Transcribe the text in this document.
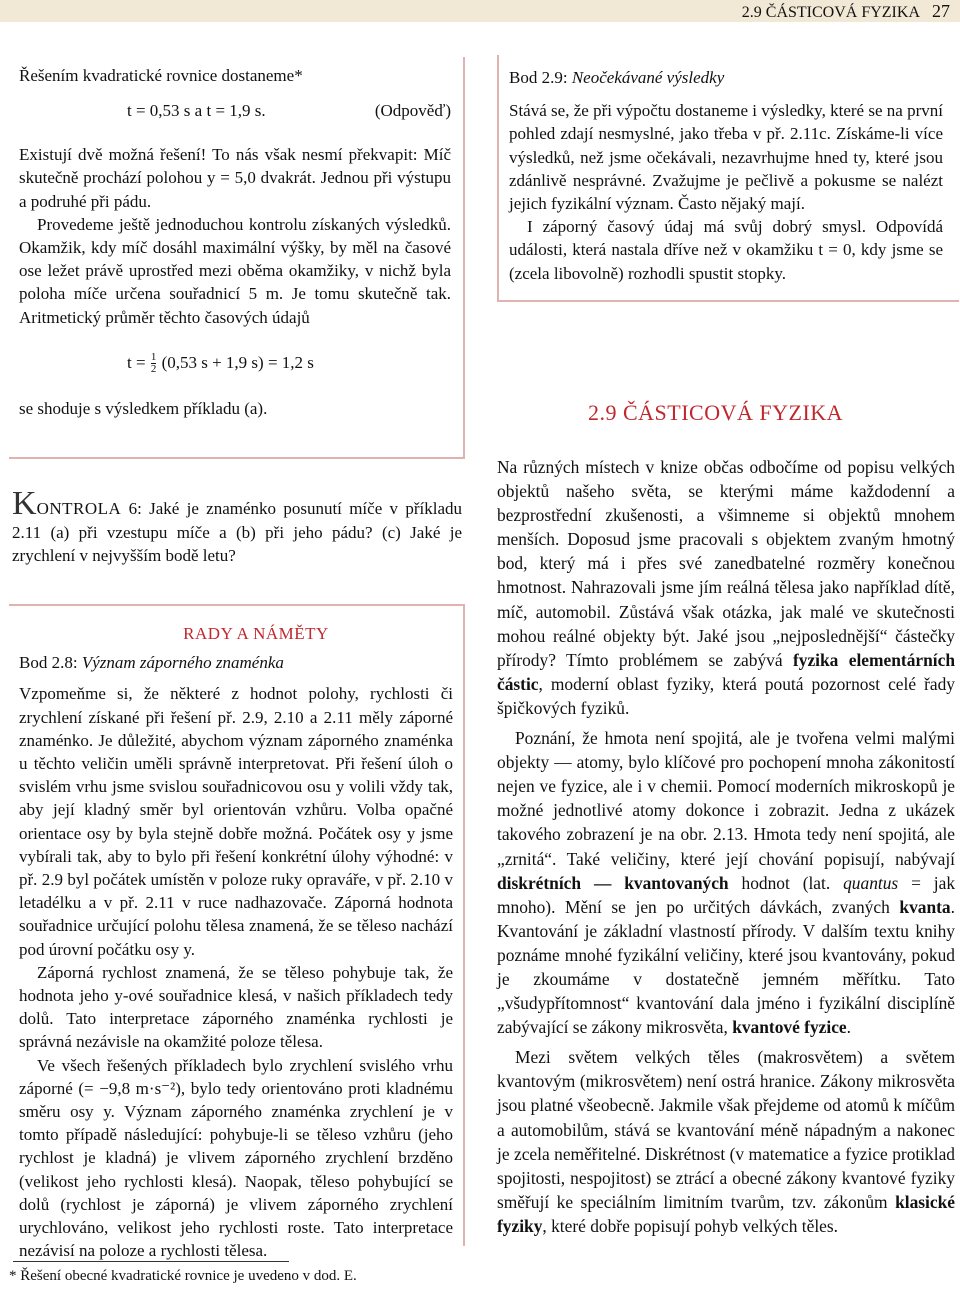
2.9 ČÁSTICOVÁ FYZIKA 27

Řešením kvadratické rovnice dostaneme*

t = 0,53 s a t = 1,9 s.	(Odpověď)

Existují dvě možná řešení! To nás však nesmí překvapit: Míč skutečně prochází polohou y = 5,0 dvakrát. Jednou při výstupu a podruhé při pádu.

Provedeme ještě jednoduchou kontrolu získaných výsledků. Okamžik, kdy míč dosáhl maximální výšky, by měl na časové ose ležet právě uprostřed mezi oběma okamžiky, v nichž byla poloha míče určena souřadnicí 5 m. Je tomu skutečně tak. Aritmetický průměr těchto časových údajů

$t = \frac{1}{2} (0,53$ s + 1,9 s) = 1,2 s

se shoduje s výsledkem příkladu (a).

KONTROLA 6: Jaké je znaménko posunutí míče v příkladu 2.11 (a) při vzestupu míče a (b) při jeho pádu? (c) Jaké je zrychlení v nejvyšším bodě letu?

RADY A NÁMĚTY

Bod 2.8: Význam záporného znaménka

Vzpomeňme si, že některé z hodnot polohy, rychlosti či zrychlení získané při řešení př. 2.9, 2.10 a 2.11 měly záporné znaménko. Je důležité, abychom význam záporného znaménka u těchto veličin uměli správně interpretovat. Při řešení úloh o svislém vrhu jsme svislou souřadnicovou osu y volili vždy tak, aby její kladný směr byl orientován vzhůru. Volba opačné orientace osy by byla stejně dobře možná. Počátek osy y jsme vybírali tak, aby to bylo při řešení konkrétní úlohy výhodné: v př. 2.9 byl počátek umístěn v poloze ruky opraváře, v př. 2.10 v letadélku a v př. 2.11 v ruce nadhazovače. Záporná hodnota souřadnice určující polohu tělesa znamená, že se těleso nachází pod úrovní počátku osy y.

Záporná rychlost znamená, že se těleso pohybuje tak, že hodnota jeho y-ové souřadnice klesá, v našich příkladech tedy dolů. Tato interpretace záporného znaménka rychlosti je správná nezávisle na okamžité poloze tělesa.

Ve všech řešených příkladech bylo zrychlení svislého vrhu záporné (= −9,8 m·s⁻²), bylo tedy orientováno proti kladnému směru osy y. Význam záporného znaménka zrychlení je v tomto případě následující: pohybuje-li se těleso vzhůru (jeho rychlost je kladná) je vlivem záporného zrychlení brzděno (velikost jeho rychlosti klesá). Naopak, těleso pohybující se dolů (rychlost je záporná) je vlivem záporného zrychlení urychlováno, velikost jeho rychlosti roste. Tato interpretace nezávisí na poloze a rychlosti tělesa.

* Řešení obecné kvadratické rovnice je uvedeno v dod. E.

Bod 2.9: Neočekávané výsledky

Stává se, že při výpočtu dostaneme i výsledky, které se na první pohled zdají nesmyslné, jako třeba v př. 2.11c. Získáme-li více výsledků, než jsme očekávali, nezavrhujme hned ty, které jsou zdánlivě nesprávné. Zvažujme je pečlivě a pokusme se nalézt jejich fyzikální význam. Často nějaký mají.

I záporný časový údaj má svůj dobrý smysl. Odpovídá události, která nastala dříve než v okamžiku t = 0, kdy jsme se (zcela libovolně) rozhodli spustit stopky.

2.9 ČÁSTICOVÁ FYZIKA

Na různých místech v knize občas odbočíme od popisu velkých objektů našeho světa, se kterými máme každodenní a bezprostřední zkušenosti, a všimneme si objektů mnohem menších. Doposud jsme pracovali s objektem zvaným hmotný bod, který má i přes své zanedbatelné rozměry konečnou hmotnost. Nahrazovali jsme jím reálná tělesa jako například dítě, míč, automobil. Zůstává však otázka, jak malé ve skutečnosti mohou reálné objekty být. Jaké jsou „nejposlednější“ částečky přírody? Tímto problémem se zabývá fyzika elementárních částic, moderní oblast fyziky, která poutá pozornost celé řady špičkových fyziků.

Poznání, že hmota není spojitá, ale je tvořena velmi malými objekty — atomy, bylo klíčové pro pochopení mnoha zákonitostí nejen ve fyzice, ale i v chemii. Pomocí moderních mikroskopů je možné jednotlivé atomy dokonce i zobrazit. Jedna z ukázek takového zobrazení je na obr. 2.13. Hmota tedy není spojitá, ale „zrnitá“. Také veličiny, které její chování popisují, nabývají diskrétních — kvantovaných hodnot (lat. quantus = jak mnoho). Mění se jen po určitých dávkách, zvaných kvanta. Kvantování je základní vlastností přírody. V dalším textu knihy poznáme mnohé fyzikální veličiny, které jsou kvantovány, pokud je zkoumáme v dostatečně jemném měřítku. Tato „všudypřítomnost“ kvantování dala jméno i fyzikální disciplíně zabývající se zákony mikrosvěta, kvantové fyzice.

Mezi světem velkých těles (makrosvětem) a světem kvantovým (mikrosvětem) není ostrá hranice. Zákony mikrosvěta jsou platné všeobecně. Jakmile však přejdeme od atomů k míčům a automobilům, stává se kvantování méně nápadným a nakonec je zcela neměřitelné. Diskrétnost (v matematice a fyzice protiklad spojitosti, nespojitost) se ztrácí a obecné zákony kvantové fyziky směřují ke speciálním limitním tvarům, tzv. zákonům klasické fyziky, které dobře popisují pohyb velkých těles.
